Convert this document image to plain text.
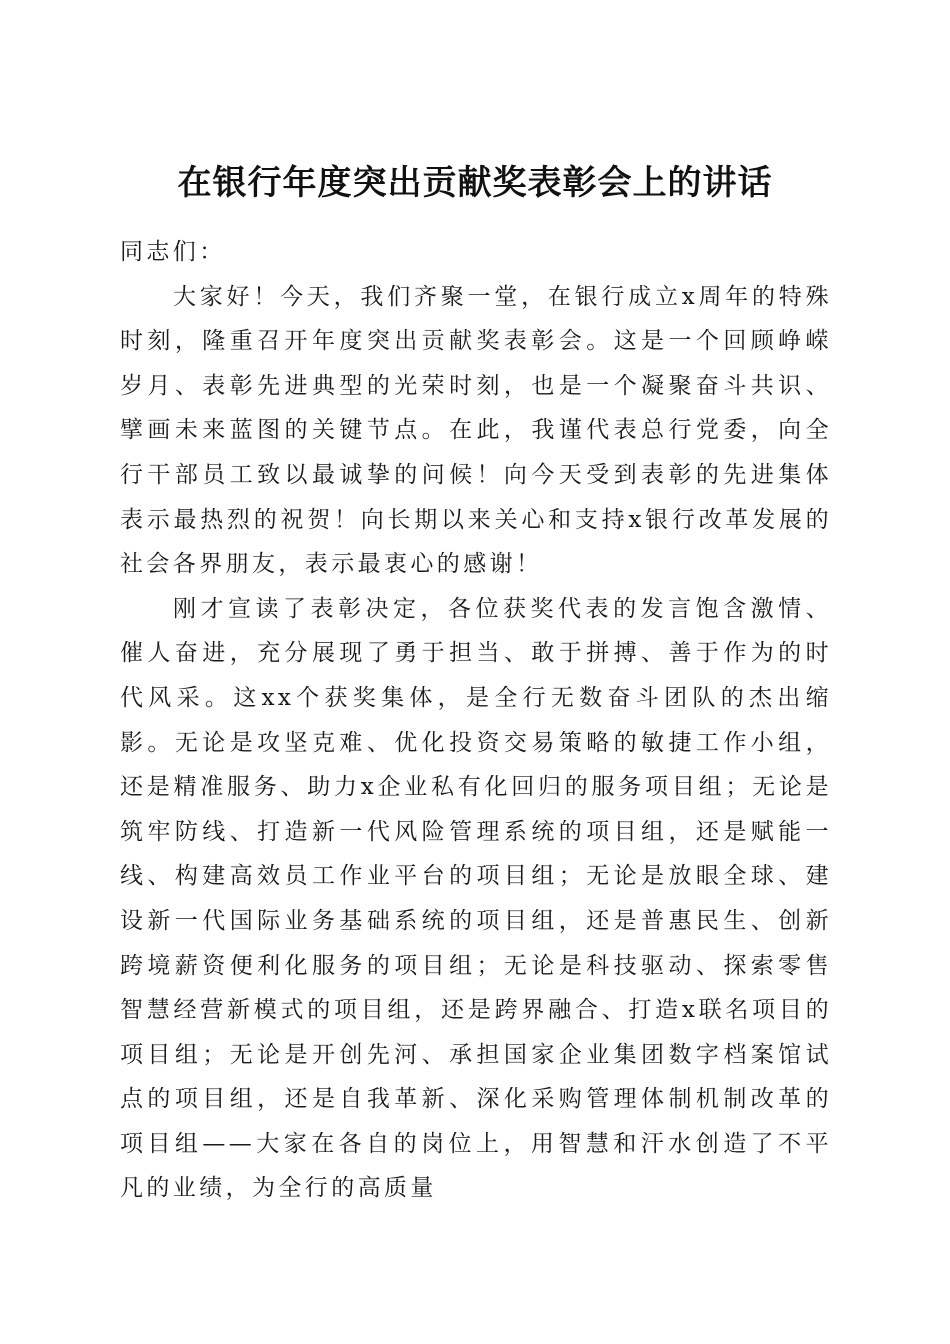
在银行年度突出贡献奖表彰会上的讲话

同志们：

大家好！今天，我们齐聚一堂，在银行成立x周年的特殊时刻，隆重召开年度突出贡献奖表彰会。这是一个回顾峥嵘岁月、表彰先进典型的光荣时刻，也是一个凝聚奋斗共识、擘画未来蓝图的关键节点。在此，我谨代表总行党委，向全行干部员工致以最诚挚的问候！向今天受到表彰的先进集体表示最热烈的祝贺！向长期以来关心和支持x银行改革发展的社会各界朋友，表示最衷心的感谢！

刚才宣读了表彰决定，各位获奖代表的发言饱含激情、催人奋进，充分展现了勇于担当、敢于拼搏、善于作为的时代风采。这xx个获奖集体，是全行无数奋斗团队的杰出缩影。无论是攻坚克难、优化投资交易策略的敏捷工作小组，还是精准服务、助力x企业私有化回归的服务项目组；无论是筑牢防线、打造新一代风险管理系统的项目组，还是赋能一线、构建高效员工作业平台的项目组；无论是放眼全球、建设新一代国际业务基础系统的项目组，还是普惠民生、创新跨境薪资便利化服务的项目组；无论是科技驱动、探索零售智慧经营新模式的项目组，还是跨界融合、打造x联名项目的项目组；无论是开创先河、承担国家企业集团数字档案馆试点的项目组，还是自我革新、深化采购管理体制机制改革的项目组——大家在各自的岗位上，用智慧和汗水创造了不平凡的业绩，为全行的高质量
